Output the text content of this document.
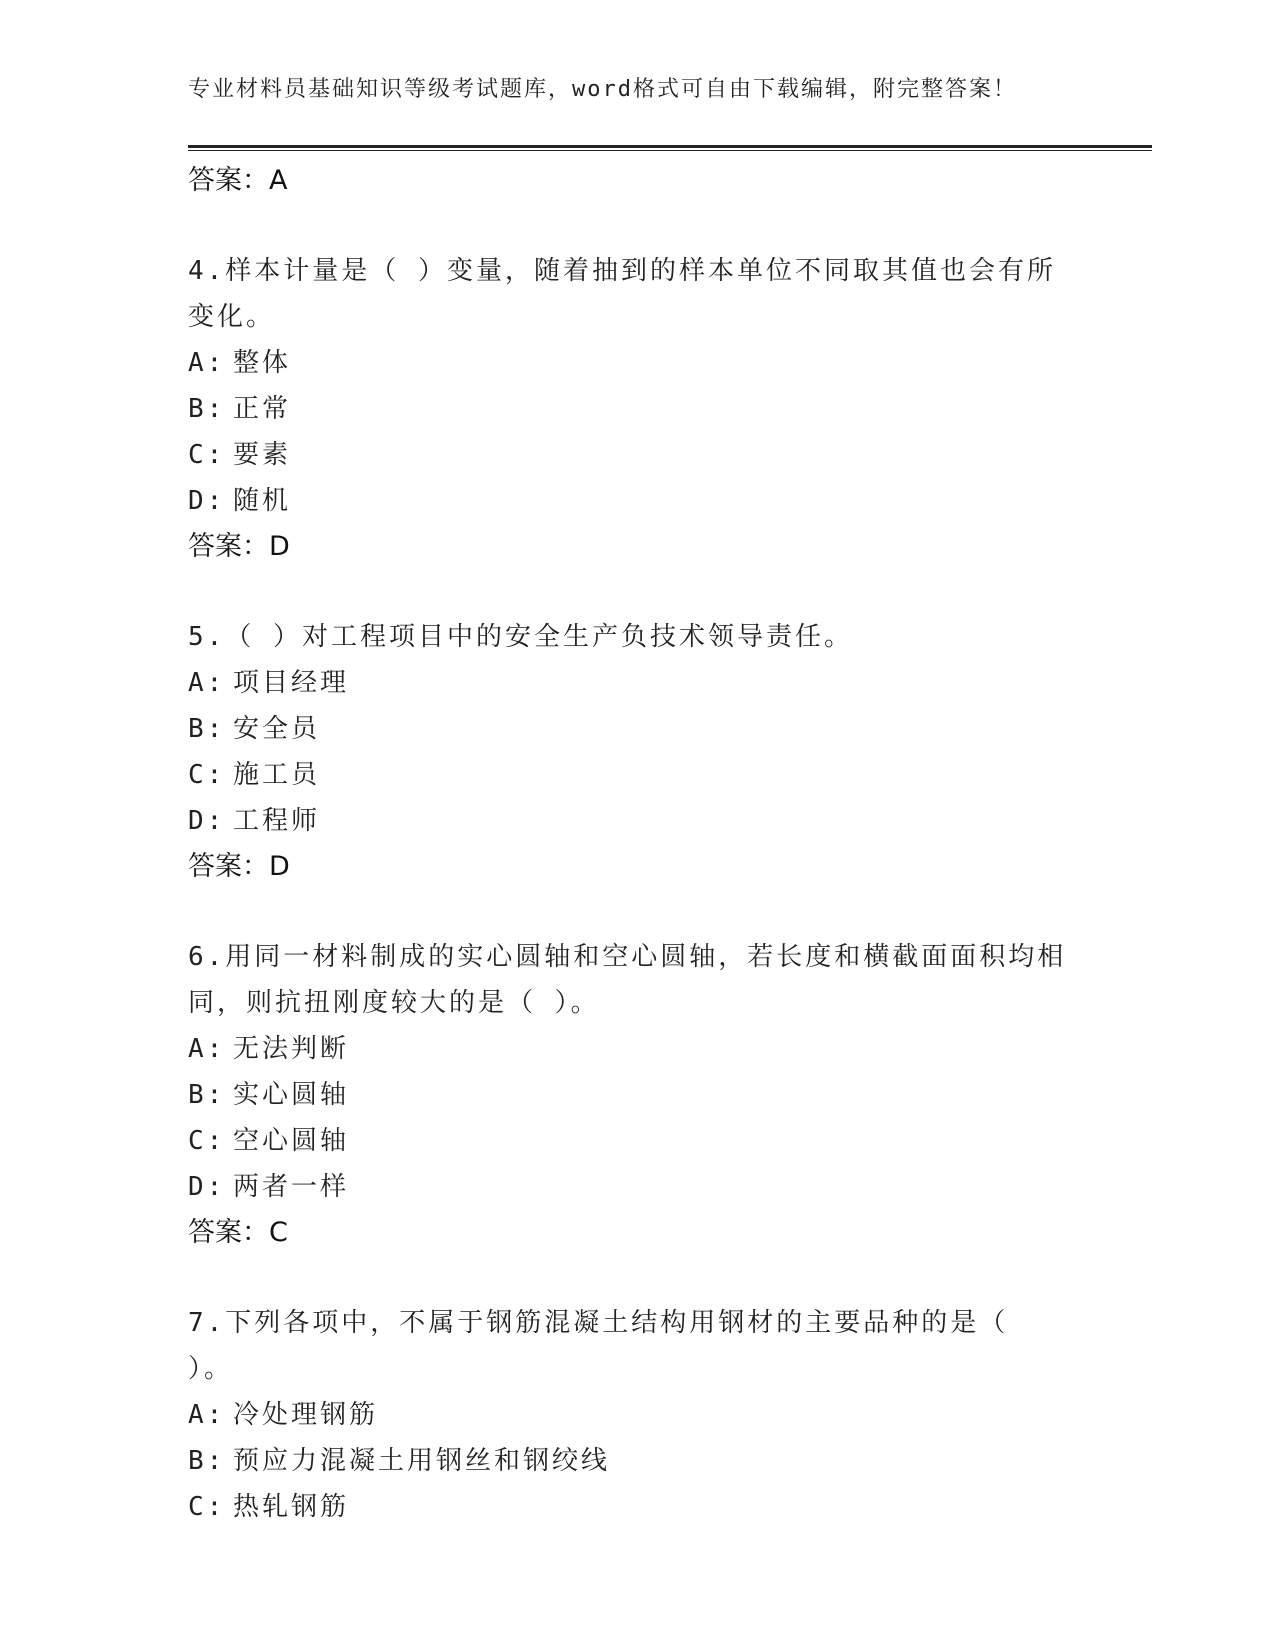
专业材料员基础知识等级考试题库，word格式可自由下载编辑，附完整答案！
答案：A
4.样本计量是（ ）变量，随着抽到的样本单位不同取其值也会有所变化。
A: 整体
B: 正常
C: 要素
D: 随机
答案：D
5.（ ）对工程项目中的安全生产负技术领导责任。
A: 项目经理
B: 安全员
C: 施工员
D: 工程师
答案：D
6.用同一材料制成的实心圆轴和空心圆轴，若长度和横截面面积均相同，则抗扭刚度较大的是（ ）。
A: 无法判断
B: 实心圆轴
C: 空心圆轴
D: 两者一样
答案：C
7.下列各项中，不属于钢筋混凝土结构用钢材的主要品种的是（ ）。
A: 冷处理钢筋
B: 预应力混凝土用钢丝和钢绞线
C: 热轧钢筋
